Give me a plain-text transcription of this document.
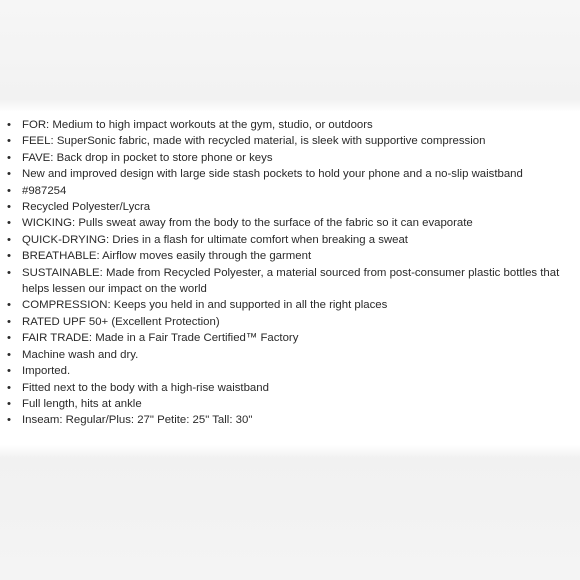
• FOR: Medium to high impact workouts at the gym, studio, or outdoors
• FEEL: SuperSonic fabric, made with recycled material, is sleek with supportive compression
• FAVE: Back drop in pocket to store phone or keys
• New and improved design with large side stash pockets to hold your phone and a no-slip waistband
• #987254
• Recycled Polyester/Lycra
• WICKING: Pulls sweat away from the body to the surface of the fabric so it can evaporate
• QUICK-DRYING: Dries in a flash for ultimate comfort when breaking a sweat
• BREATHABLE: Airflow moves easily through the garment
• SUSTAINABLE: Made from Recycled Polyester, a material sourced from post-consumer plastic bottles that helps lessen our impact on the world
• COMPRESSION: Keeps you held in and supported in all the right places
• RATED UPF 50+ (Excellent Protection)
• FAIR TRADE: Made in a Fair Trade Certified™ Factory
• Machine wash and dry.
• Imported.
• Fitted next to the body with a high-rise waistband
• Full length, hits at ankle
• Inseam: Regular/Plus: 27" Petite: 25" Tall: 30"
